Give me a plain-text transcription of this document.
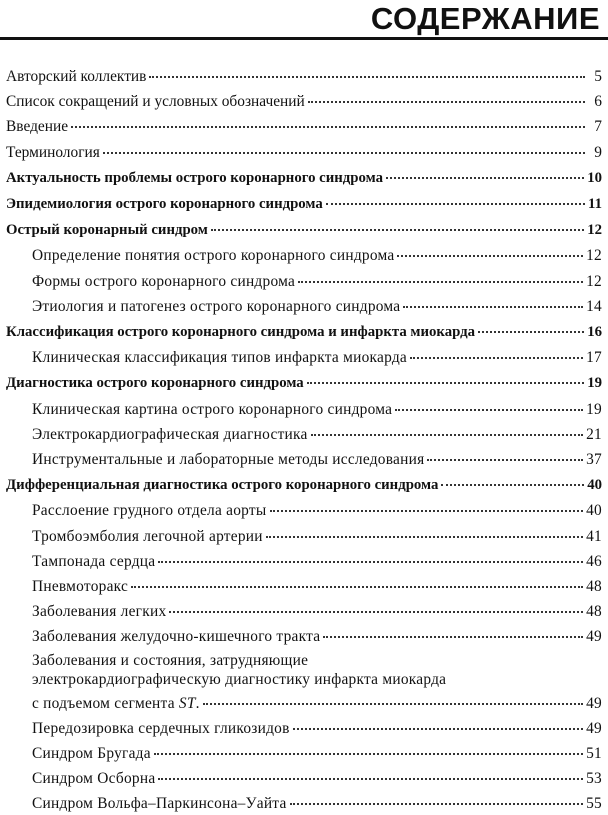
СОДЕРЖАНИЕ
Авторский коллектив	5
Список сокращений и условных обозначений	6
Введение	7
Терминология	9
Актуальность проблемы острого коронарного синдрома	10
Эпидемиология острого коронарного синдрома	11
Острый коронарный синдром	12
Определение понятия острого коронарного синдрома	12
Формы острого коронарного синдрома	12
Этиология и патогенез острого коронарного синдрома	14
Классификация острого коронарного синдрома и инфаркта миокарда	16
Клиническая классификация типов инфаркта миокарда	17
Диагностика острого коронарного синдрома	19
Клиническая картина острого коронарного синдрома	19
Электрокардиографическая диагностика	21
Инструментальные и лабораторные методы исследования	37
Дифференциальная диагностика острого коронарного синдрома	40
Расслоение грудного отдела аорты	40
Тромбоэмболия легочной артерии	41
Тампонада сердца	46
Пневмоторакс	48
Заболевания легких	48
Заболевания желудочно-кишечного тракта	49
Заболевания и состояния, затрудняющие
электрокардиографическую диагностику инфаркта миокарда
с подъемом сегмента ST.	49
Передозировка сердечных гликозидов	49
Синдром Бругада	51
Синдром Осборна	53
Синдром Вольфа–Паркинсона–Уайта	55
